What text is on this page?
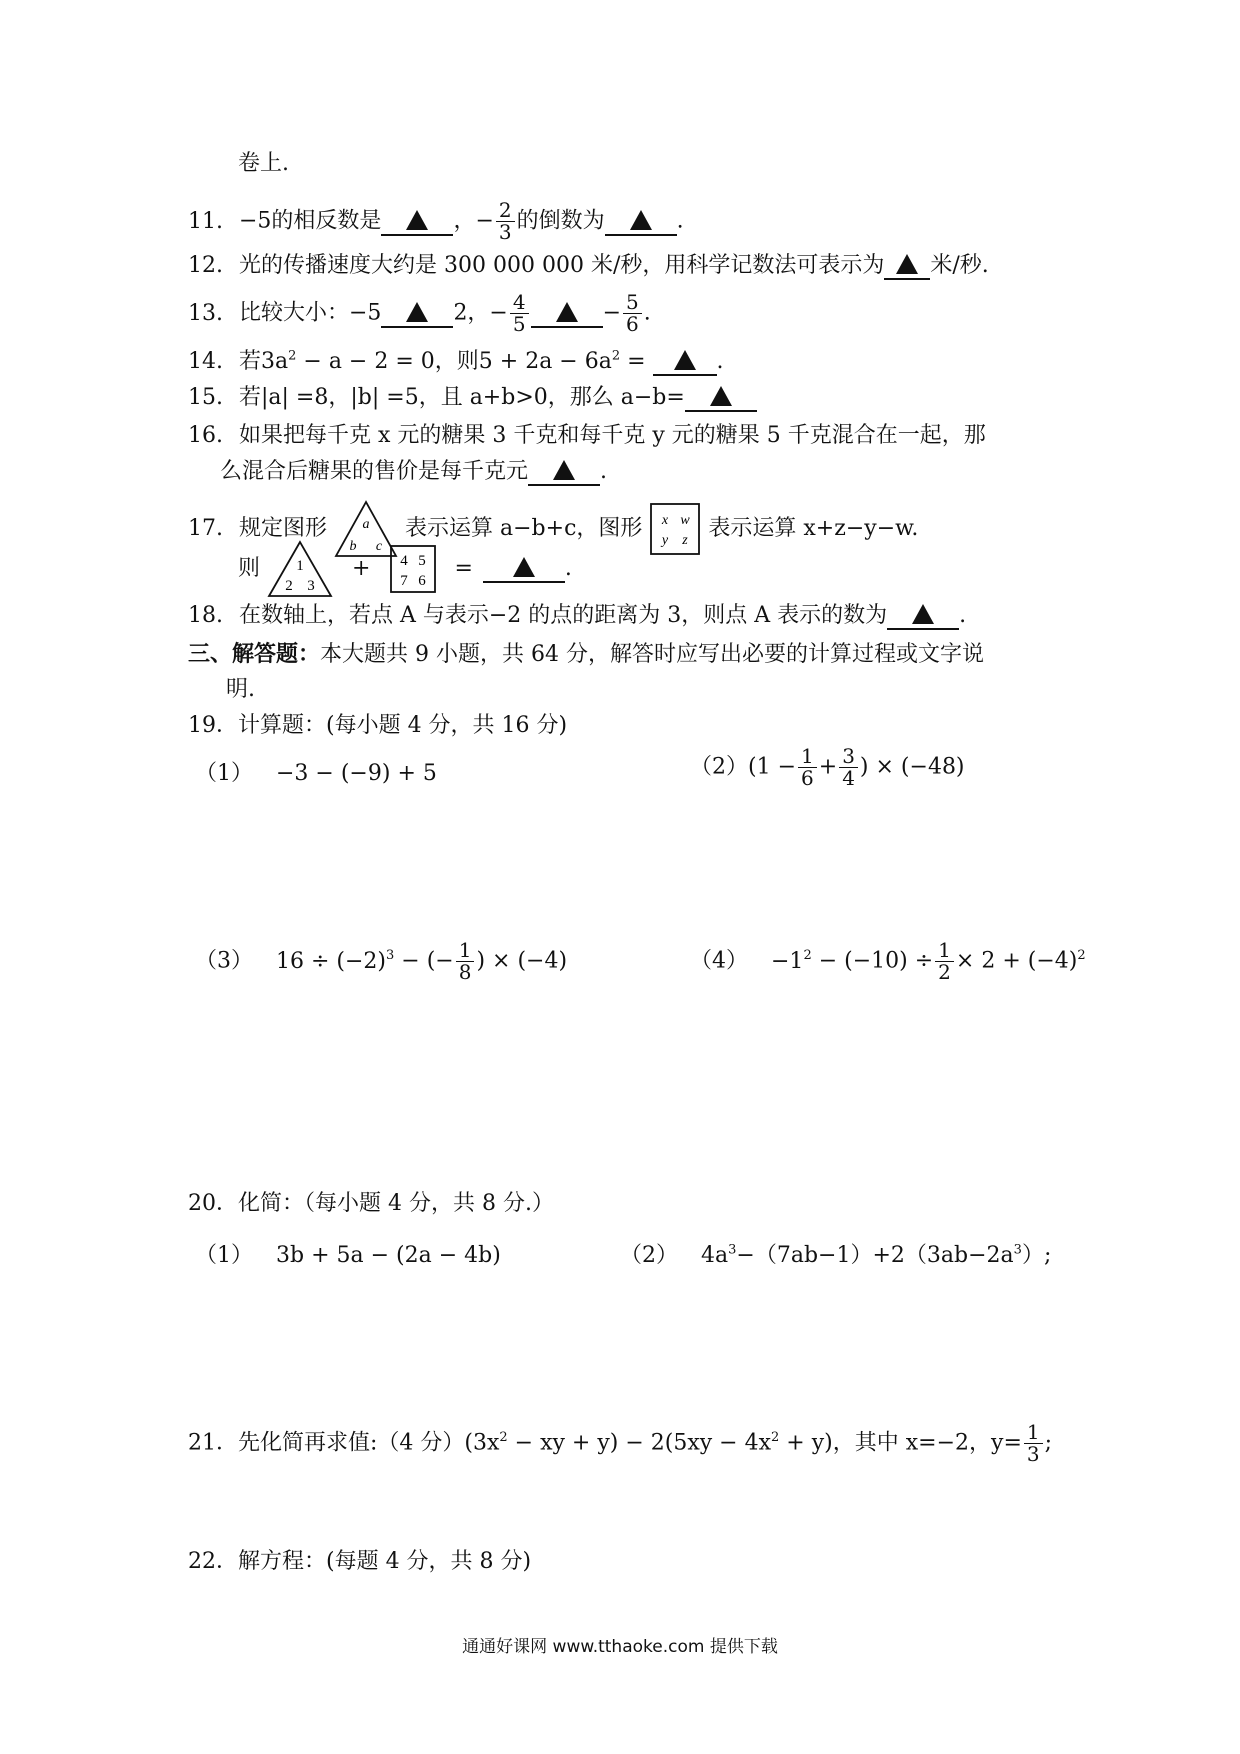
卷上.
11. −5的相反数是	，− $\frac{2}{3}$ 的倒数为	.
12. 光的传播速度大约是 300 000 000 米/秒，用科学记数法可表示为 米/秒.
13. 比较大小：−5	2，− $\frac{4}{5}$	− $\frac{5}{6}$ .
14. 若$3a^2 - a - 2 = 0$，则$5 + 2a - 6a^2$ =	.
15. 若|a| =8，|b| =5，且 a+b>0，那么 a−b=
16. 如果把每千克 x 元的糖果 3 千克和每千克 y 元的糖果 5 千克混合在一起，那
么混合后糖果的售价是每千克元	.
17. 规定图形	a
b c
表示运算 a−b+c，图形 x w
y z 表示运算 x+z−y−w.
则 1
2 3
+ 4 5
7 6 =	.
18. 在数轴上，若点 A 与表示−2 的点的距离为 3，则点 A 表示的数为	.
三、解答题：本大题共 9 小题，共 64 分，解答时应写出必要的计算过程或文字说
明.
19．计算题：(每小题 4 分，共 16 分)
（1） −3 − (−9) + 5	$(2)(1 - \frac{1}{6} + \frac{3}{4}$ ) × (−48)
（3） $16 \div (-2)^3$ − (− $\frac{1}{8}$ ) × (−4)	$(4) -1^2 - (-10) \div \frac{1}{2} \times 2 + (-4)^2$
20．化简：（每小题 4 分，共 8 分.）
（1） 3b + 5a − (2a − 4b)	（2） $4a^3-(7ab-1)+2(3ab-2a^3)$;
21．先化简再求值:（4 分）($3x^2$ − xy + $y) - 2(5xy - 4x^2 + y)$，其中 x=−2，$y= \frac{1}{3}$ ;
22．解方程：(每题 4 分，共 8 分)
通通好课网 www.tthaoke.com 提供下载
